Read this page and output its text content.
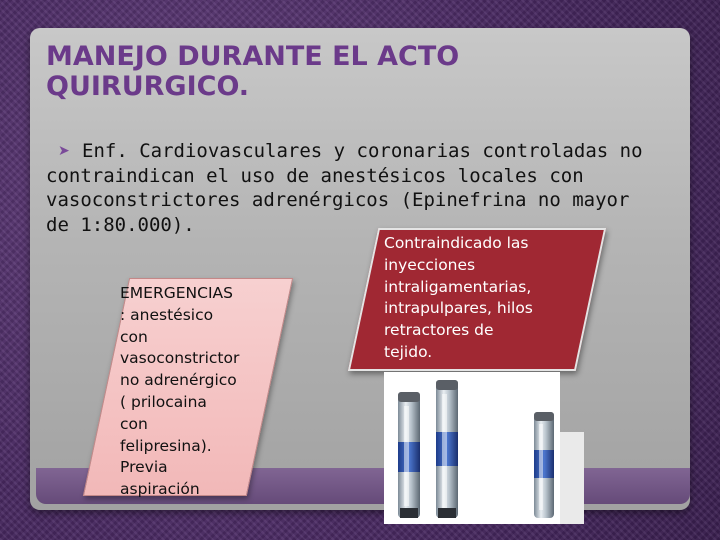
MANEJO DURANTE EL ACTO
QUIRURGICO.
➤ Enf. Cardiovasculares y coronarias controladas no
contraindican el uso de anestésicos locales con
vasoconstrictores adrenérgicos (Epinefrina no mayor
de 1:80.000).
EMERGENCIAS
: anestésico
con
vasoconstrictor
no adrenérgico
( prilocaina
con
felipresina).
Previa
aspiración
Contraindicado las
inyecciones
intraligamentarias,
intrapulpares, hilos
retractores de
tejido.
